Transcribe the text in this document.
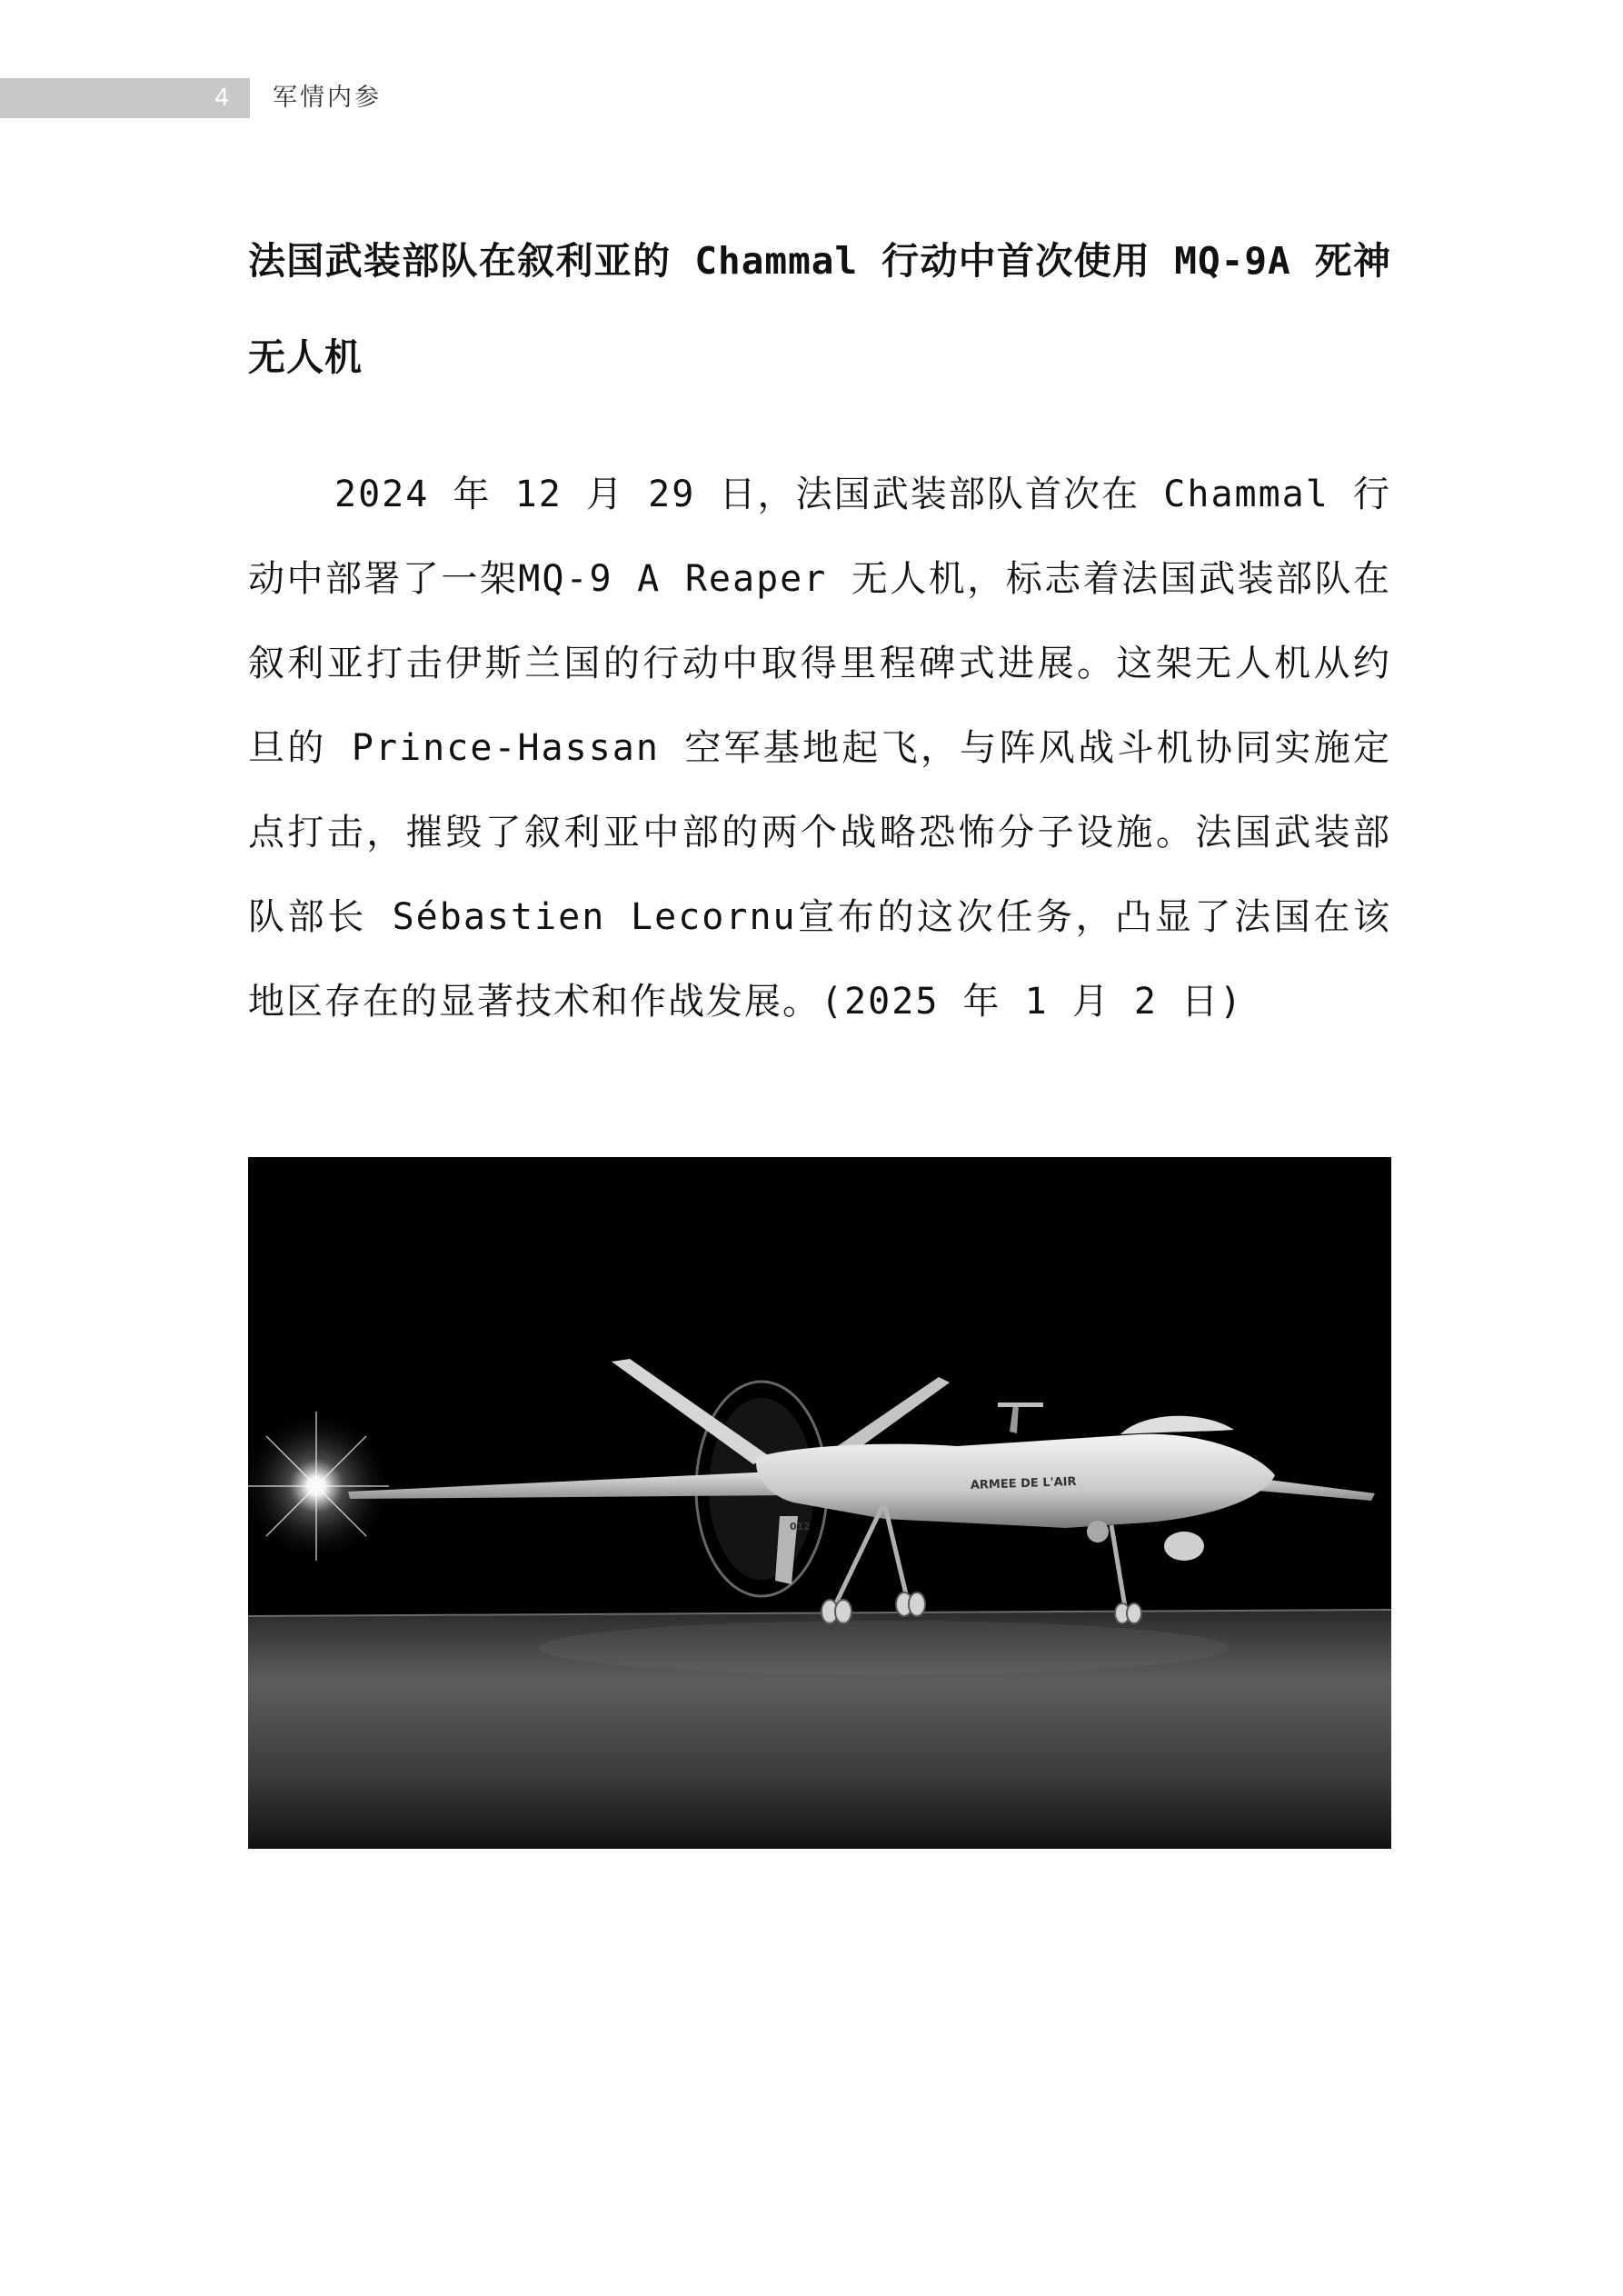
4	军情内参
法国武装部队在叙利亚的 Chammal 行动中首次使用 MQ-9A 死神无人机

2024 年 12 月 29 日，法国武装部队首次在 Chammal 行动中部署了一架MQ-9 A Reaper 无人机，标志着法国武装部队在叙利亚打击伊斯兰国的行动中取得里程碑式进展。这架无人机从约旦的 Prince-Hassan 空军基地起飞，与阵风战斗机协同实施定点打击，摧毁了叙利亚中部的两个战略恐怖分子设施。法国武装部队部长 Sébastien Lecornu宣布的这次任务，凸显了法国在该地区存在的显著技术和作战发展。(2025 年 1 月 2 日)

ARMEE DE L'AIR
012
